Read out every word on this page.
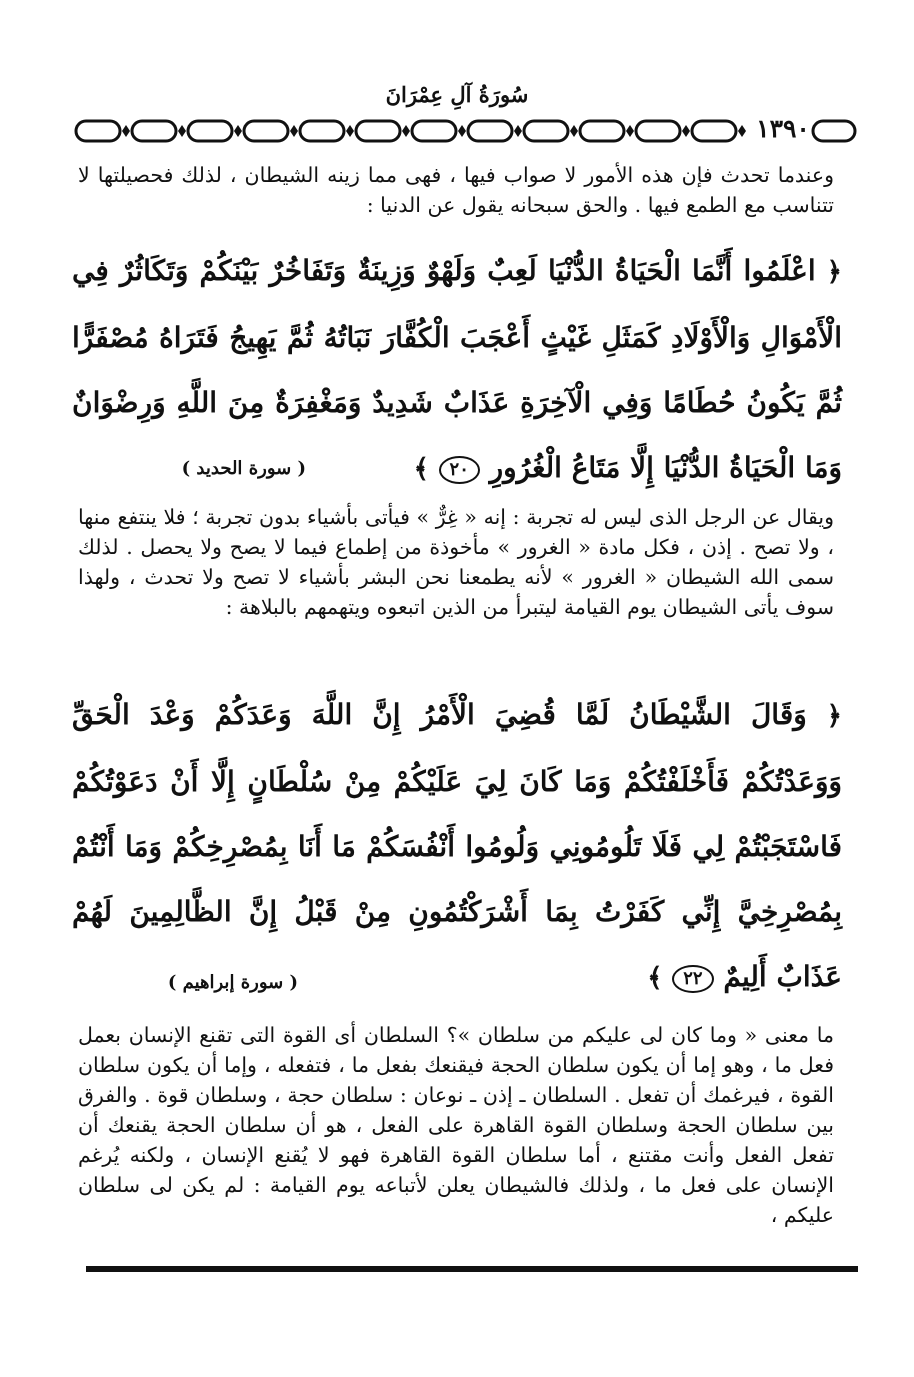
سُورَةُ آلِ عِمْرَانَ
١٣٩٠

وعندما تحدث فإن هذه الأمور لا صواب فيها ، فهى مما زينه الشيطان ، لذلك فحصيلتها لا تتناسب مع الطمع فيها . والحق سبحانه يقول عن الدنيا :

﴿ اعْلَمُوا أَنَّمَا الْحَيَاةُ الدُّنْيَا لَعِبٌ وَلَهْوٌ وَزِينَةٌ وَتَفَاخُرٌ بَيْنَكُمْ وَتَكَاثُرٌ فِي الْأَمْوَالِ وَالْأَوْلَادِ كَمَثَلِ غَيْثٍ أَعْجَبَ الْكُفَّارَ نَبَاتُهُ ثُمَّ يَهِيجُ فَتَرَاهُ مُصْفَرًّا ثُمَّ يَكُونُ حُطَامًا وَفِي الْآخِرَةِ عَذَابٌ شَدِيدٌ وَمَغْفِرَةٌ مِنَ اللَّهِ وَرِضْوَانٌ وَمَا الْحَيَاةُ الدُّنْيَا إِلَّا مَتَاعُ الْغُرُورِ ٢٠ ﴾

( سورة الحديد )

ويقال عن الرجل الذى ليس له تجربة : إنه « غِرٌّ » فيأتى بأشياء بدون تجربة ؛ فلا ينتفع منها ، ولا تصح . إذن ، فكل مادة « الغرور » مأخوذة من إطماع فيما لا يصح ولا يحصل . لذلك سمى الله الشيطان « الغرور » لأنه يطمعنا نحن البشر بأشياء لا تصح ولا تحدث ، ولهذا سوف يأتى الشيطان يوم القيامة ليتبرأ من الذين اتبعوه ويتهمهم بالبلاهة :

﴿ وَقَالَ الشَّيْطَانُ لَمَّا قُضِيَ الْأَمْرُ إِنَّ اللَّهَ وَعَدَكُمْ وَعْدَ الْحَقِّ وَوَعَدْتُكُمْ فَأَخْلَفْتُكُمْ وَمَا كَانَ لِيَ عَلَيْكُمْ مِنْ سُلْطَانٍ إِلَّا أَنْ دَعَوْتُكُمْ فَاسْتَجَبْتُمْ لِي فَلَا تَلُومُونِي وَلُومُوا أَنْفُسَكُمْ مَا أَنَا بِمُصْرِخِكُمْ وَمَا أَنْتُمْ بِمُصْرِخِيَّ إِنِّي كَفَرْتُ بِمَا أَشْرَكْتُمُونِ مِنْ قَبْلُ إِنَّ الظَّالِمِينَ لَهُمْ عَذَابٌ أَلِيمٌ ٢٢ ﴾

( سورة إبراهيم )

ما معنى « وما كان لى عليكم من سلطان »؟ السلطان أى القوة التى تقنع الإنسان بعمل فعل ما ، وهو إما أن يكون سلطان الحجة فيقنعك بفعل ما ، فتفعله ، وإما أن يكون سلطان القوة ، فيرغمك أن تفعل . السلطان ـ إذن ـ نوعان : سلطان حجة ، وسلطان قوة . والفرق بين سلطان الحجة وسلطان القوة القاهرة على الفعل ، هو أن سلطان الحجة يقنعك أن تفعل الفعل وأنت مقتنع ، أما سلطان القوة القاهرة فهو لا يُقنع الإنسان ، ولكنه يُرغم الإنسان على فعل ما ، ولذلك فالشيطان يعلن لأتباعه يوم القيامة : لم يكن لى سلطان عليكم ،
